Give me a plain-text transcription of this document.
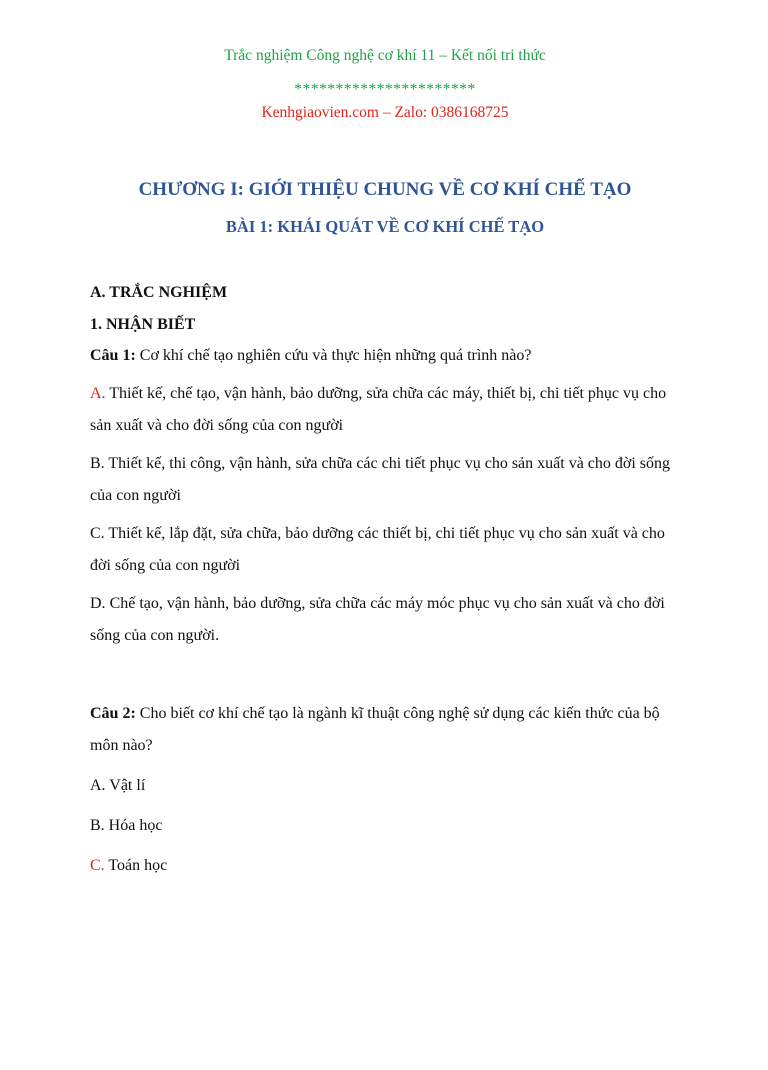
Trắc nghiệm Công nghệ cơ khí 11 – Kết nối tri thức
**********************
Kenhgiaovien.com – Zalo: 0386168725
CHƯƠNG I: GIỚI THIỆU CHUNG VỀ CƠ KHÍ CHẾ TẠO
BÀI 1: KHÁI QUÁT VỀ CƠ KHÍ CHẾ TẠO
A. TRẮC NGHIỆM
1. NHẬN BIẾT
Câu 1: Cơ khí chế tạo nghiên cứu và thực hiện những quá trình nào?
A. Thiết kế, chế tạo, vận hành, bảo dưỡng, sửa chữa các máy, thiết bị, chi tiết phục vụ cho sản xuất và cho đời sống của con người
B. Thiết kế, thi công, vận hành, sửa chữa các chi tiết phục vụ cho sản xuất và cho đời sống của con người
C. Thiết kế, lắp đặt, sửa chữa, bảo dưỡng các thiết bị, chi tiết phục vụ cho sản xuất và cho đời sống của con người
D. Chế tạo, vận hành, bảo dưỡng, sửa chữa các máy móc phục vụ cho sản xuất và cho đời sống của con người.
Câu 2: Cho biết cơ khí chế tạo là ngành kĩ thuật công nghệ sử dụng các kiến thức của bộ môn nào?
A. Vật lí
B. Hóa học
C. Toán học
